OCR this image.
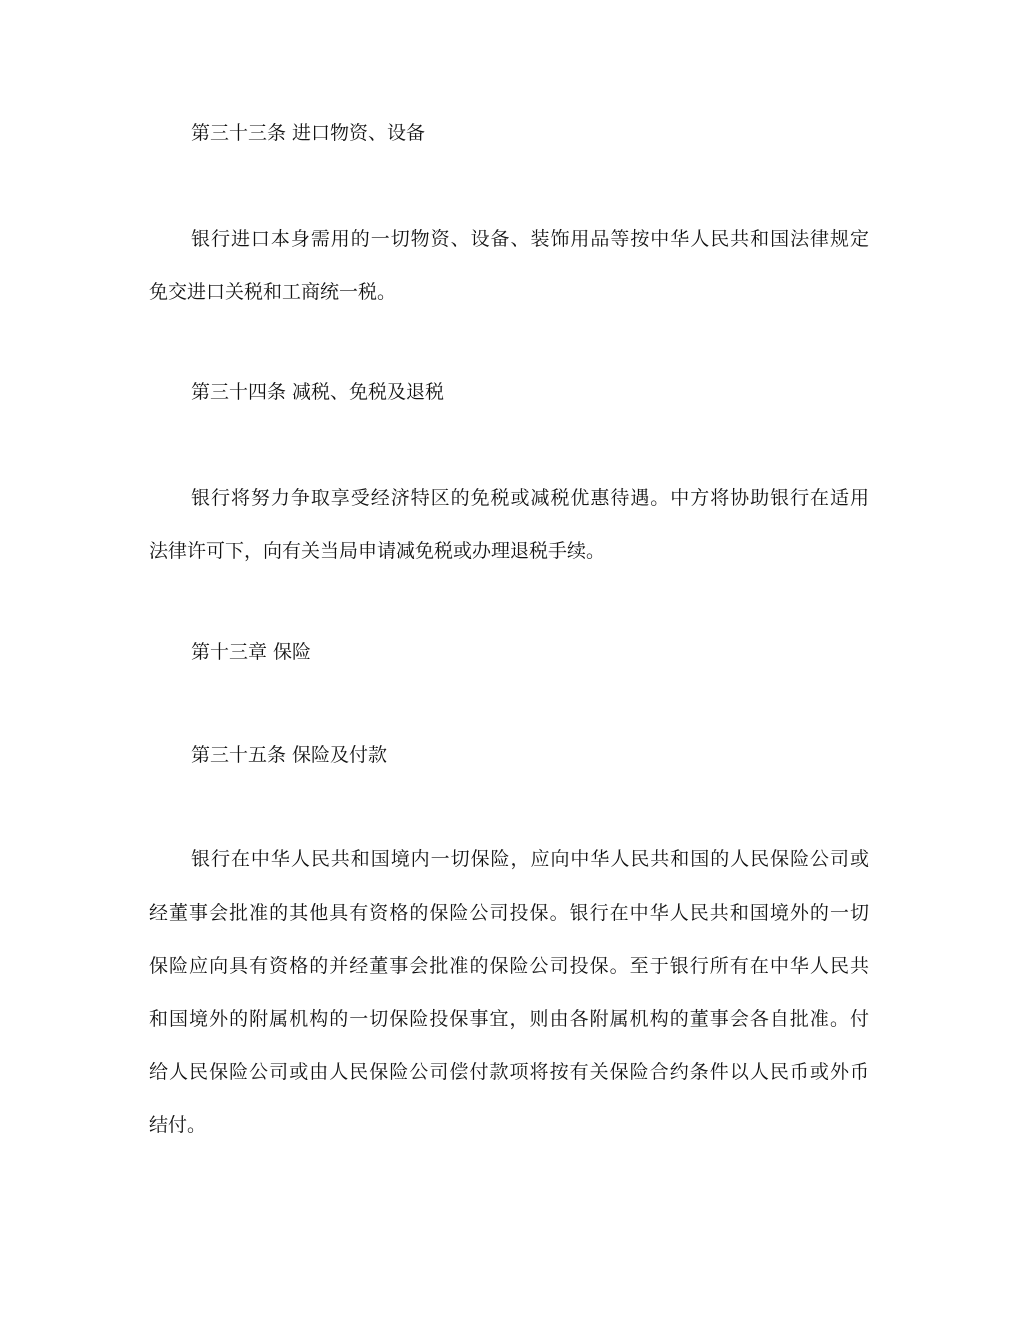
第三十三条 进口物资、设备
银行进口本身需用的一切物资、设备、装饰用品等按中华人民共和国法律规定
免交进口关税和工商统一税。
第三十四条 减税、免税及退税
银行将努力争取享受经济特区的免税或减税优惠待遇。中方将协助银行在适用
法律许可下，向有关当局申请减免税或办理退税手续。
第十三章 保险
第三十五条 保险及付款
银行在中华人民共和国境内一切保险，应向中华人民共和国的人民保险公司或
经董事会批准的其他具有资格的保险公司投保。银行在中华人民共和国境外的一切
保险应向具有资格的并经董事会批准的保险公司投保。至于银行所有在中华人民共
和国境外的附属机构的一切保险投保事宜，则由各附属机构的董事会各自批准。付
给人民保险公司或由人民保险公司偿付款项将按有关保险合约条件以人民币或外币
结付。
